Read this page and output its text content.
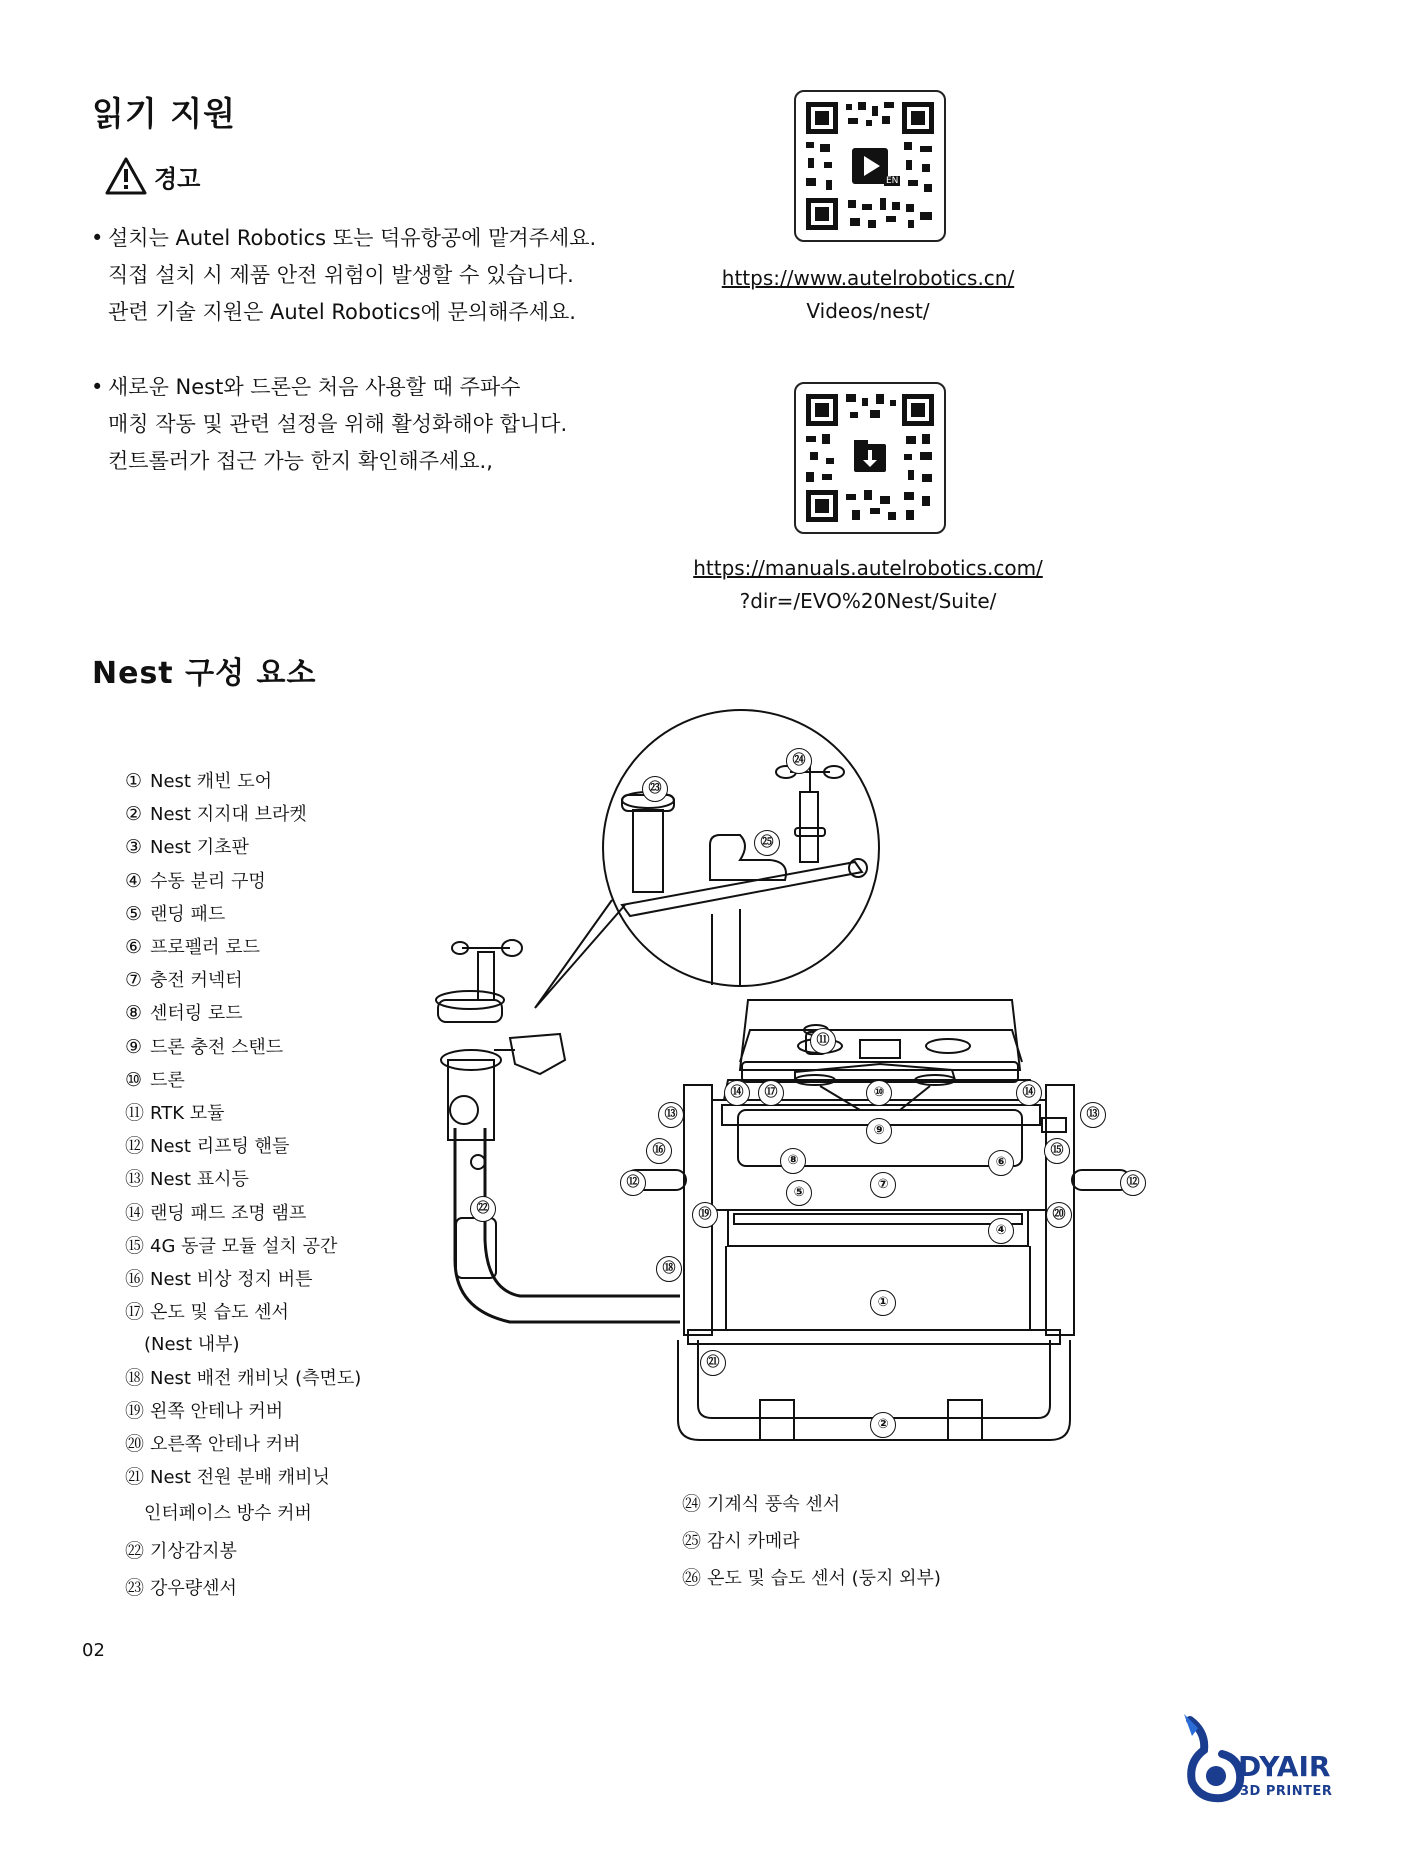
읽기 지원
경고
• 설치는 Autel Robotics 또는 덕유항공에 맡겨주세요.
직접 설치 시 제품 안전 위험이 발생할 수 있습니다.
관련 기술 지원은 Autel Robotics에 문의해주세요.
• 새로운 Nest와 드론은 처음 사용할 때 주파수
매칭 작동 및 관련 설정을 위해 활성화해야 합니다.
컨트롤러가 접근 가능 한지 확인해주세요.,
EN
https://www.autelrobotics.cn/
Videos/nest/
https://manuals.autelrobotics.com/
?dir=/EVO%20Nest/Suite/
Nest 구성 요소
① Nest 캐빈 도어
② Nest 지지대 브라켓
③ Nest 기초판
④ 수동 분리 구멍
⑤ 랜딩 패드
⑥ 프로펠러 로드
⑦ 충전 커넥터
⑧ 센터링 로드
⑨ 드론 충전 스탠드
⑩ 드론
⑪ RTK 모듈
⑫ Nest 리프팅 핸들
⑬ Nest 표시등
⑭ 랜딩 패드 조명 램프
⑮ 4G 동글 모듈 설치 공간
⑯ Nest 비상 정지 버튼
⑰ 온도 및 습도 센서
(Nest 내부)
⑱ Nest 배전 캐비닛 (측면도)
⑲ 왼쪽 안테나 커버
⑳ 오른쪽 안테나 커버
㉑ Nest 전원 분배 캐비닛
인터페이스 방수 커버
㉒ 기상감지봉
㉓ 강우량센서
㉔ 기계식 풍속 센서
㉕ 감시 카메라
㉖ 온도 및 습도 센서 (둥지 외부)
㉓
㉔
㉕
㉒
⑪
⑭	⑰	⑩	⑭
⑬	⑬
⑨
⑯	⑮
⑧	⑥
⑫	⑫
⑦
⑤
⑲	⑳
④
⑱
①
㉑
②
02
DYAIR
3D PRINTER
